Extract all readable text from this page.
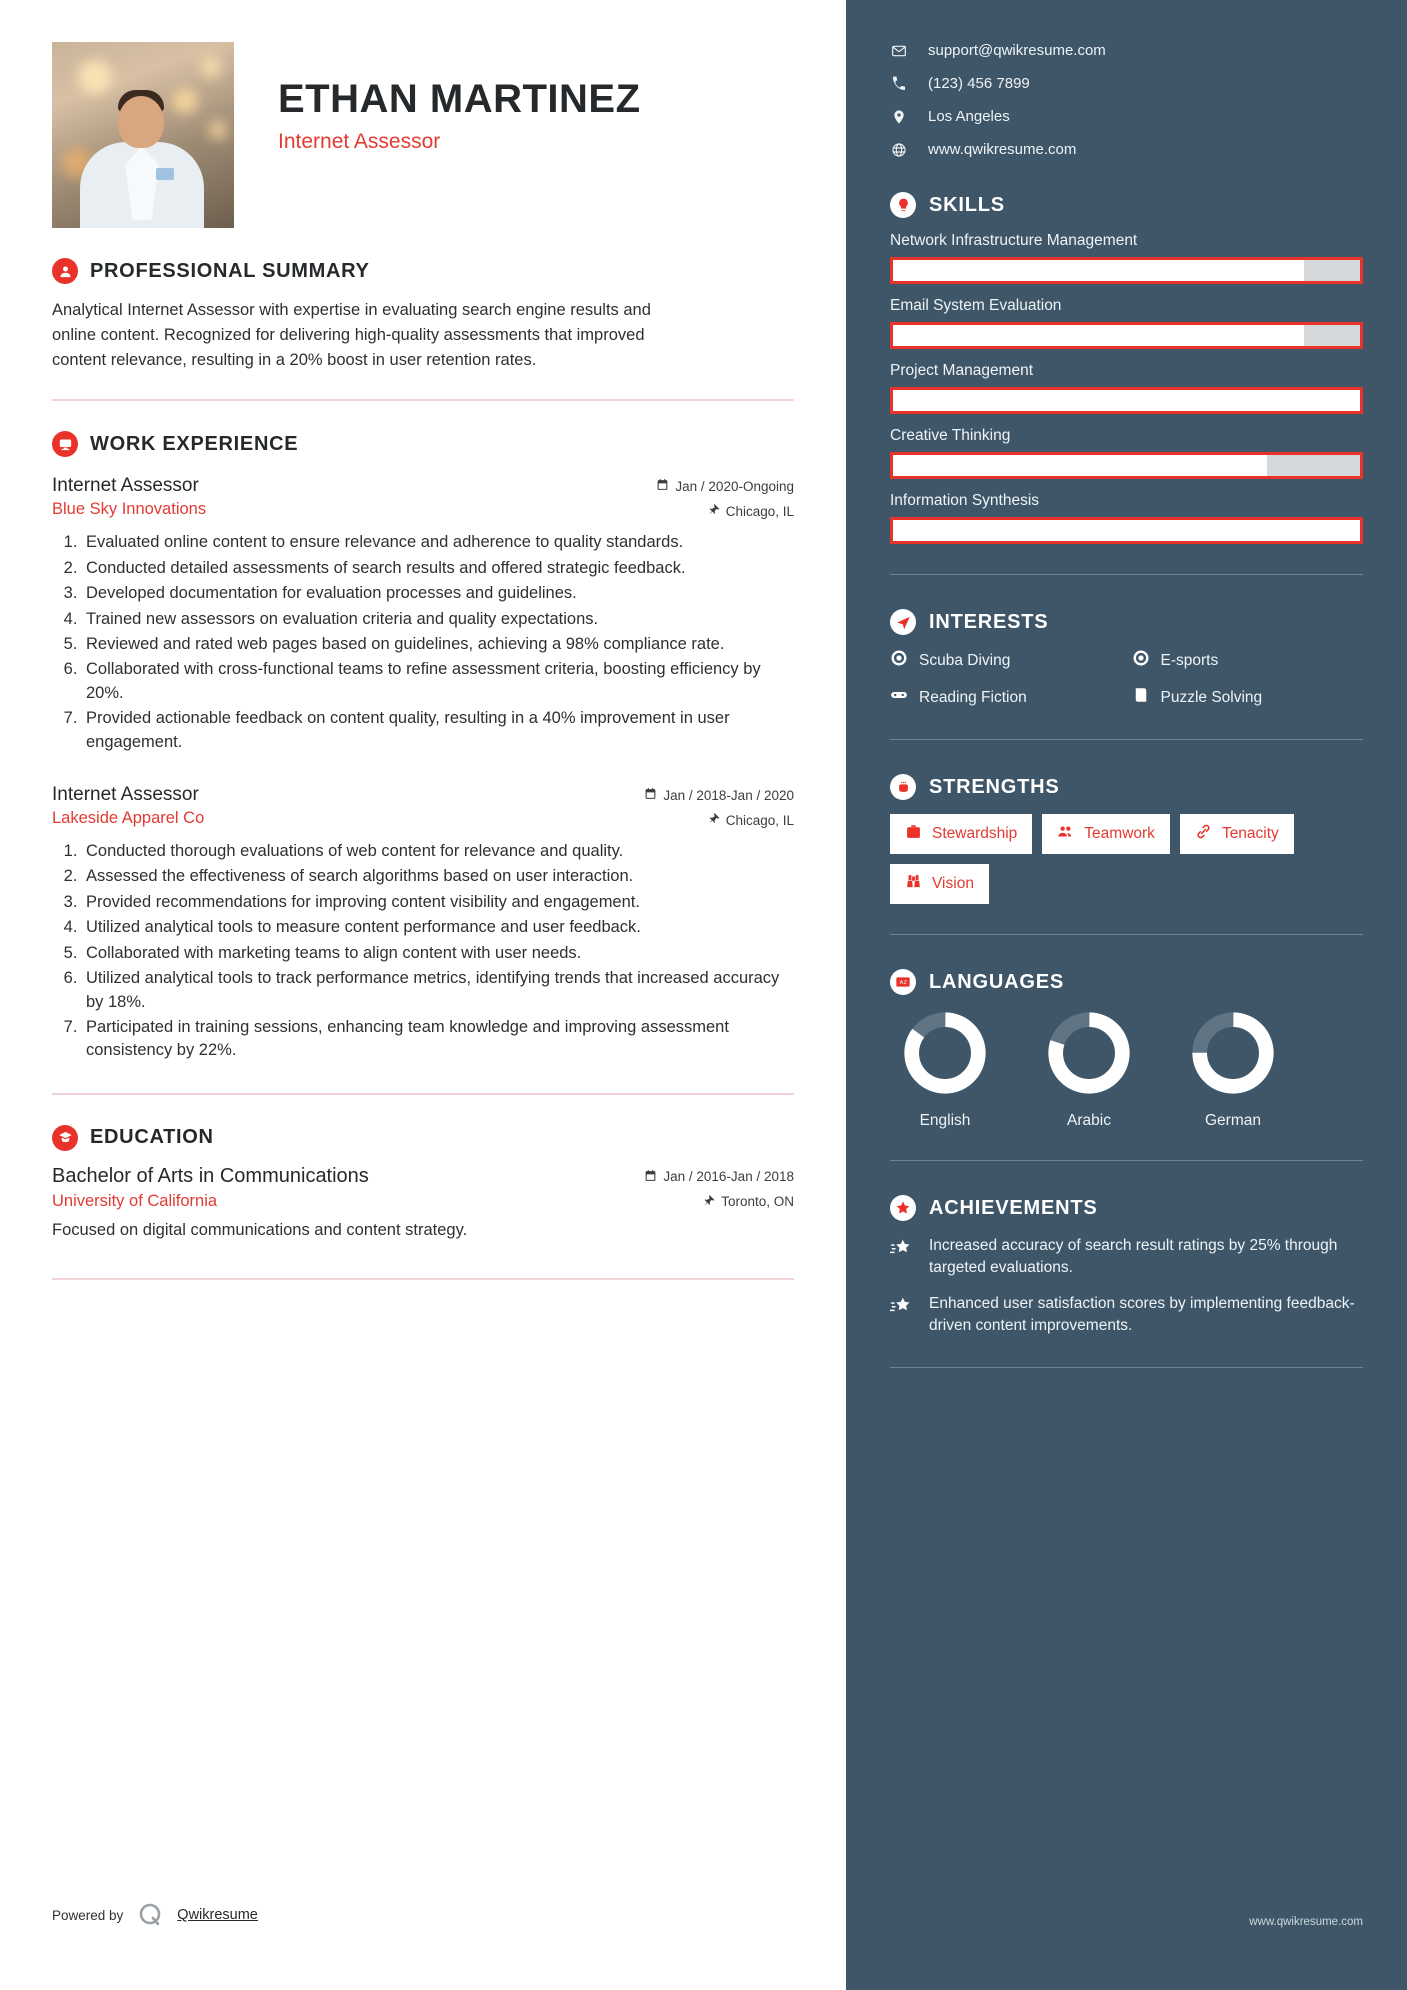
ETHAN MARTINEZ
Internet Assessor
PROFESSIONAL SUMMARY
Analytical Internet Assessor with expertise in evaluating search engine results and online content. Recognized for delivering high-quality assessments that improved content relevance, resulting in a 20% boost in user retention rates.
WORK EXPERIENCE
Internet Assessor
Blue Sky Innovations
Jan / 2020-Ongoing
Chicago, IL
1. Evaluated online content to ensure relevance and adherence to quality standards.
2. Conducted detailed assessments of search results and offered strategic feedback.
3. Developed documentation for evaluation processes and guidelines.
4. Trained new assessors on evaluation criteria and quality expectations.
5. Reviewed and rated web pages based on guidelines, achieving a 98% compliance rate.
6. Collaborated with cross-functional teams to refine assessment criteria, boosting efficiency by 20%.
7. Provided actionable feedback on content quality, resulting in a 40% improvement in user engagement.
Internet Assessor
Lakeside Apparel Co
Jan / 2018-Jan / 2020
Chicago, IL
1. Conducted thorough evaluations of web content for relevance and quality.
2. Assessed the effectiveness of search algorithms based on user interaction.
3. Provided recommendations for improving content visibility and engagement.
4. Utilized analytical tools to measure content performance and user feedback.
5. Collaborated with marketing teams to align content with user needs.
6. Utilized analytical tools to track performance metrics, identifying trends that increased accuracy by 18%.
7. Participated in training sessions, enhancing team knowledge and improving assessment consistency by 22%.
EDUCATION
Bachelor of Arts in Communications
University of California
Jan / 2016-Jan / 2018
Toronto, ON
Focused on digital communications and content strategy.
Powered by	Qwikresume
support@qwikresume.com
(123) 456 7899
Los Angeles
www.qwikresume.com
SKILLS
Network Infrastructure Management
Email System Evaluation
Project Management
Creative Thinking
Information Synthesis
INTERESTS
Scuba Diving	E-sports
Reading Fiction	Puzzle Solving
STRENGTHS
Stewardship	Teamwork	Tenacity
Vision
A Z LANGUAGES
English	Arabic	German
ACHIEVEMENTS
Increased accuracy of search result ratings by 25% through targeted evaluations.
Enhanced user satisfaction scores by implementing feedback-driven content improvements.
www.qwikresume.com
